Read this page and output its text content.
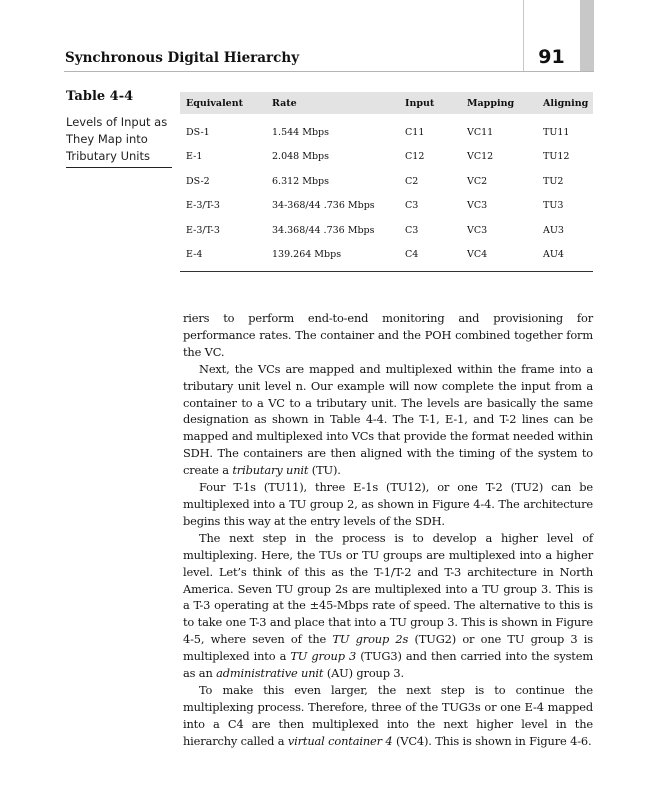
91
Synchronous Digital Hierarchy
Table 4-4
Levels of Input as They Map into Tributary Units
Equivalent	Rate	Input	Mapping	Aligning
DS-1	1.544 Mbps	C11	VC11	TU11
E-1	2.048 Mbps	C12	VC12	TU12
DS-2	6.312 Mbps	C2	VC2	TU2
E-3/T-3	34-368/44 .736 Mbps	C3	VC3	TU3
E-3/T-3	34.368/44 .736 Mbps	C3	VC3	AU3
E-4	139.264 Mbps	C4	VC4	AU4

riers to perform end-to-end monitoring and provisioning for performance rates. The container and the POH combined together form the VC.

Next, the VCs are mapped and multiplexed within the frame into a tributary unit level n. Our example will now complete the input from a container to a VC to a tributary unit. The levels are basically the same designation as shown in Table 4-4. The T-1, E-1, and T-2 lines can be mapped and multiplexed into VCs that provide the format needed within SDH. The containers are then aligned with the timing of the system to create a tributary unit (TU).

Four T-1s (TU11), three E-1s (TU12), or one T-2 (TU2) can be multiplexed into a TU group 2, as shown in Figure 4-4. The architecture begins this way at the entry levels of the SDH.

The next step in the process is to develop a higher level of multiplexing. Here, the TUs or TU groups are multiplexed into a higher level. Let’s think of this as the T-1/T-2 and T-3 architecture in North America. Seven TU group 2s are multiplexed into a TU group 3. This is a T-3 operating at the ±45-Mbps rate of speed. The alternative to this is to take one T-3 and place that into a TU group 3. This is shown in Figure 4-5, where seven of the TU group 2s (TUG2) or one TU group 3 is multiplexed into a TU group 3 (TUG3) and then carried into the system as an administrative unit (AU) group 3.

To make this even larger, the next step is to continue the multiplexing process. Therefore, three of the TUG3s or one E-4 mapped into a C4 are then multiplexed into the next higher level in the hierarchy called a virtual container 4 (VC4). This is shown in Figure 4-6.
